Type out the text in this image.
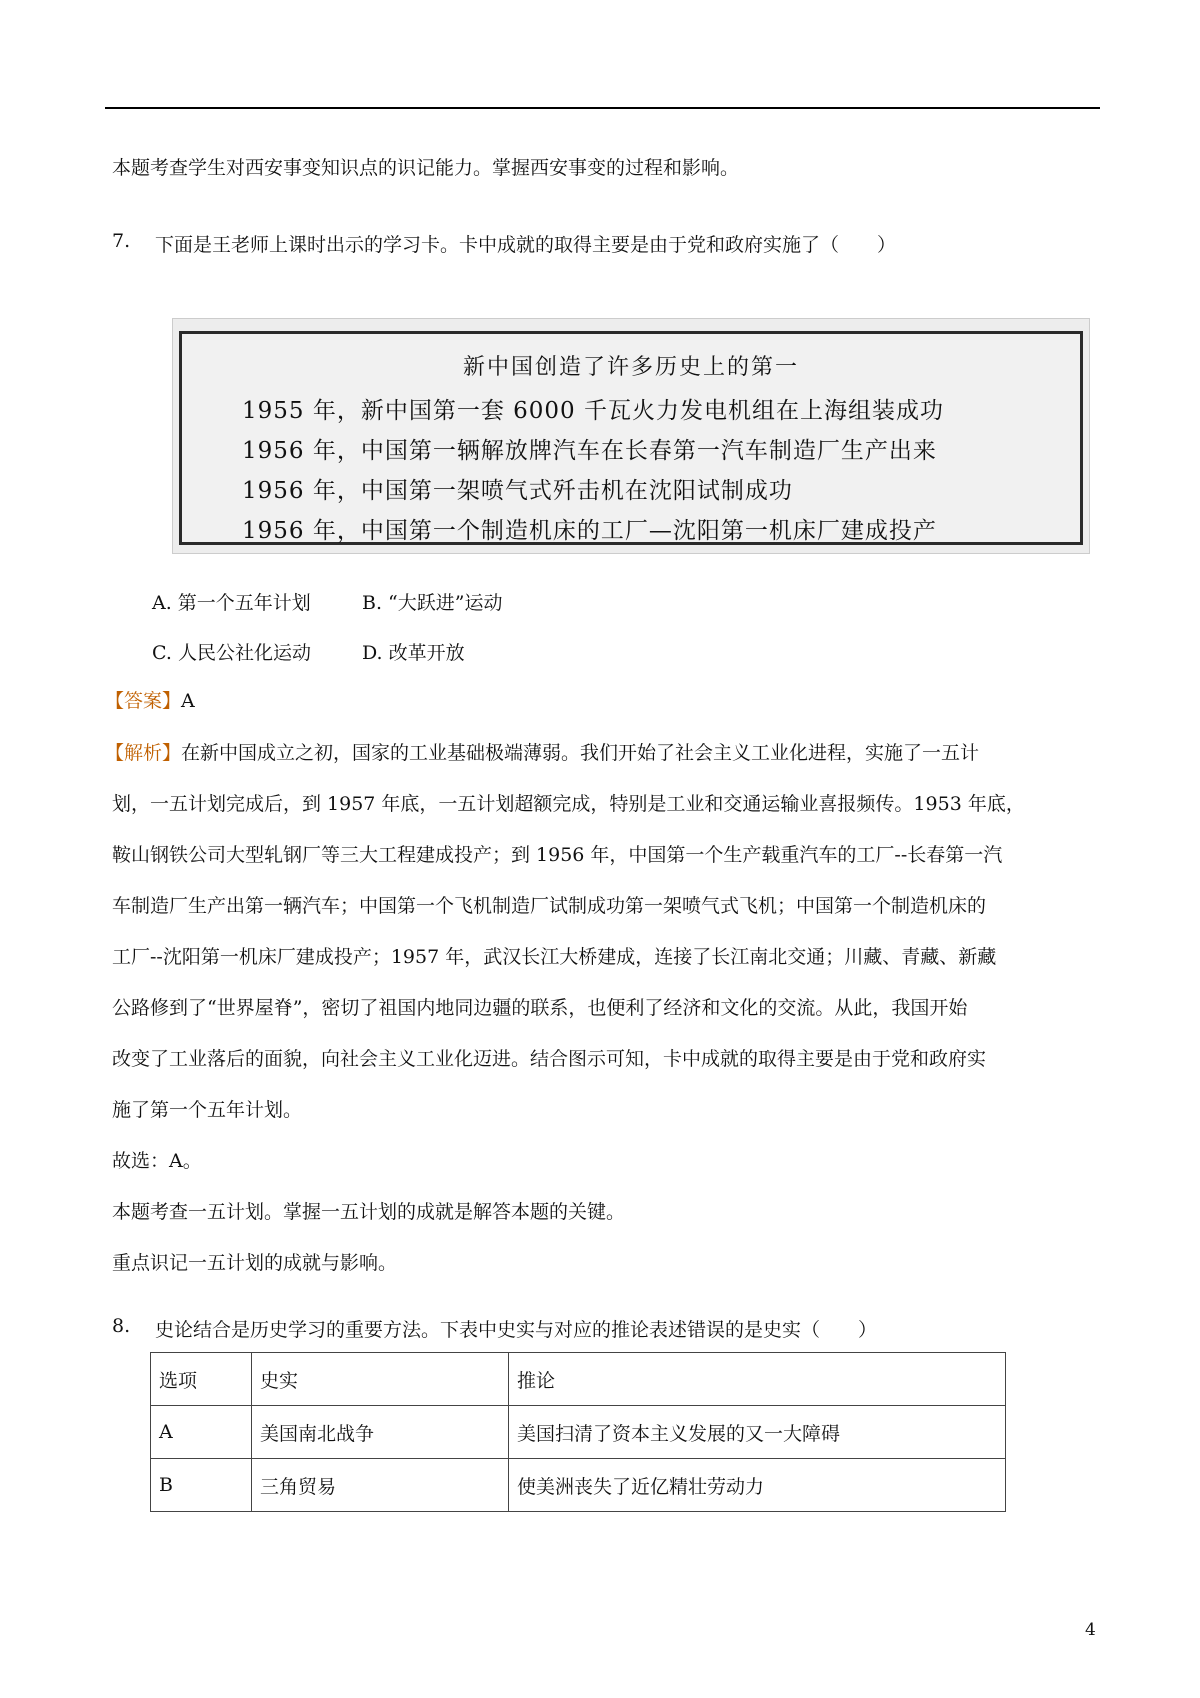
本题考查学生对西安事变知识点的识记能力。掌握西安事变的过程和影响。
7. 下面是王老师上课时出示的学习卡。卡中成就的取得主要是由于党和政府实施了（　　）
新中国创造了许多历史上的第一
1955 年，新中国第一套 6000 千瓦火力发电机组在上海组装成功
1956 年，中国第一辆解放牌汽车在长春第一汽车制造厂生产出来
1956 年，中国第一架喷气式歼击机在沈阳试制成功
1956 年，中国第一个制造机床的工厂—沈阳第一机床厂建成投产
A. 第一个五年计划	B. “大跃进”运动
C. 人民公社化运动	D. 改革开放
【答案】A
【解析】在新中国成立之初，国家的工业基础极端薄弱。我们开始了社会主义工业化进程，实施了一五计
划，一五计划完成后，到 1957 年底，一五计划超额完成，特别是工业和交通运输业喜报频传。1953 年底，
鞍山钢铁公司大型轧钢厂等三大工程建成投产；到 1956 年，中国第一个生产载重汽车的工厂--长春第一汽
车制造厂生产出第一辆汽车；中国第一个飞机制造厂试制成功第一架喷气式飞机；中国第一个制造机床的
工厂--沈阳第一机床厂建成投产；1957 年，武汉长江大桥建成，连接了长江南北交通；川藏、青藏、新藏
公路修到了“世界屋脊”，密切了祖国内地同边疆的联系，也便利了经济和文化的交流。从此，我国开始
改变了工业落后的面貌，向社会主义工业化迈进。结合图示可知，卡中成就的取得主要是由于党和政府实
施了第一个五年计划。
故选：A。
本题考查一五计划。掌握一五计划的成就是解答本题的关键。
重点识记一五计划的成就与影响。
8. 史论结合是历史学习的重要方法。下表中史实与对应的推论表述错误的是史实（　　）
选项	史实	推论
A	美国南北战争	美国扫清了资本主义发展的又一大障碍
B	三角贸易	使美洲丧失了近亿精壮劳动力
4
